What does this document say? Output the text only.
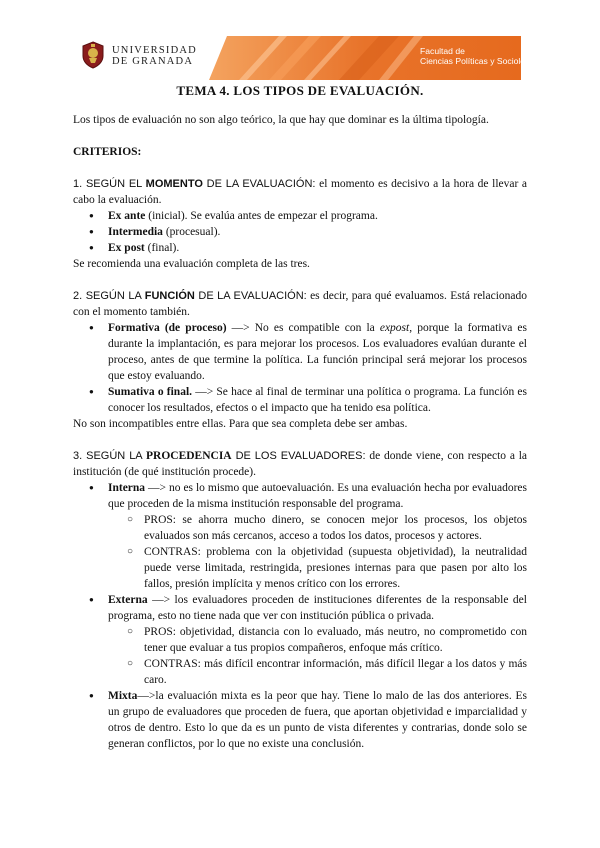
UNIVERSIDAD
DE GRANADA
Facultad de
Ciencias Políticas y Sociología
TEMA 4. LOS TIPOS DE EVALUACIÓN.

Los tipos de evaluación no son algo teórico, la que hay que dominar es la última tipología.

CRITERIOS:

1. SEGÚN EL MOMENTO DE LA EVALUACIÓN: el momento es decisivo a la hora de llevar a cabo la evaluación.

● Ex ante (inicial). Se evalúa antes de empezar el programa.
● Intermedia (procesual).
● Ex post (final).

Se recomienda una evaluación completa de las tres.

2. SEGÚN LA FUNCIÓN DE LA EVALUACIÓN: es decir, para qué evaluamos. Está relacionado con el momento también.

● Formativa (de proceso) —> No es compatible con la expost, porque la formativa es durante la implantación, es para mejorar los procesos. Los evaluadores evalúan durante el proceso, antes de que termine la política. La función principal será mejorar los procesos que estoy evaluando.
● Sumativa o final. —> Se hace al final de terminar una política o programa. La función es conocer los resultados, efectos o el impacto que ha tenido esa política.

No son incompatibles entre ellas. Para que sea completa debe ser ambas.

3. SEGÚN LA PROCEDENCIA DE LOS EVALUADORES: de donde viene, con respecto a la institución (de qué institución procede).

● Interna —> no es lo mismo que autoevaluación. Es una evaluación hecha por evaluadores que proceden de la misma institución responsable del programa.
○ PROS: se ahorra mucho dinero, se conocen mejor los procesos, los objetos evaluados son más cercanos, acceso a todos los datos, procesos y actores.
○ CONTRAS: problema con la objetividad (supuesta objetividad), la neutralidad puede verse limitada, restringida, presiones internas para que pasen por alto los fallos, presión implícita y menos crítico con los errores.
● Externa —> los evaluadores proceden de instituciones diferentes de la responsable del programa, esto no tiene nada que ver con institución pública o privada.
○ PROS: objetividad, distancia con lo evaluado, más neutro, no comprometido con tener que evaluar a tus propios compañeros, enfoque más crítico.
○ CONTRAS: más difícil encontrar información, más difícil llegar a los datos y más caro.
● Mixta—>la evaluación mixta es la peor que hay. Tiene lo malo de las dos anteriores. Es un grupo de evaluadores que proceden de fuera, que aportan objetividad e imparcialidad y otros de dentro. Esto lo que da es un punto de vista diferentes y contrarias, donde solo se generan conflictos, por lo que no existe una conclusión.
